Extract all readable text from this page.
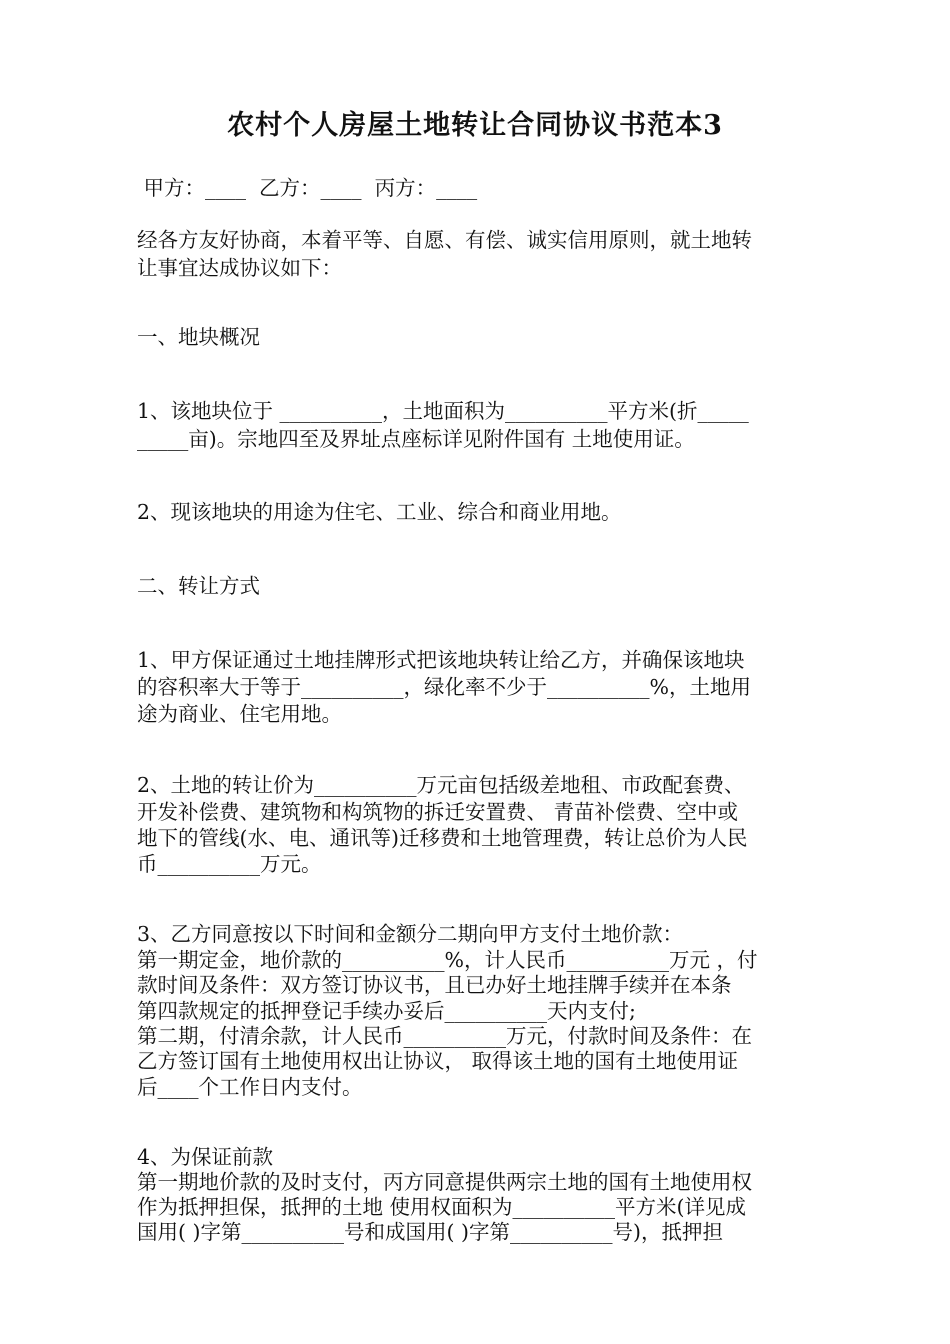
农村个人房屋土地转让合同协议书范本3
甲方：____  乙方：____  丙方：____
经各方友好协商，本着平等、自愿、有偿、诚实信用原则，就土地转
让事宜达成协议如下：
一、地块概况
1、该地块位于 __________，土地面积为__________平方米(折_____
_____亩)。宗地四至及界址点座标详见附件国有 土地使用证。
2、现该地块的用途为住宅、工业、综合和商业用地。
二、转让方式
1、甲方保证通过土地挂牌形式把该地块转让给乙方，并确保该地块
的容积率大于等于__________，绿化率不少于__________%，土地用
途为商业、住宅用地。
2、土地的转让价为__________万元亩包括级差地租、市政配套费、
开发补偿费、建筑物和构筑物的拆迁安置费、 青苗补偿费、空中或
地下的管线(水、电、通讯等)迁移费和土地管理费，转让总价为人民
币__________万元。
3、乙方同意按以下时间和金额分二期向甲方支付土地价款：
第一期定金，地价款的__________%，计人民币__________万元 ，付
款时间及条件：双方签订协议书，且已办好土地挂牌手续并在本条
第四款规定的抵押登记手续办妥后__________天内支付;
第二期，付清余款，计人民币__________万元，付款时间及条件：在
乙方签订国有土地使用权出让协议， 取得该土地的国有土地使用证
后____个工作日内支付。
4、为保证前款
第一期地价款的及时支付，丙方同意提供两宗土地的国有土地使用权
作为抵押担保，抵押的土地 使用权面积为__________平方米(详见成
国用( )字第__________号和成国用( )字第__________号)，抵押担
